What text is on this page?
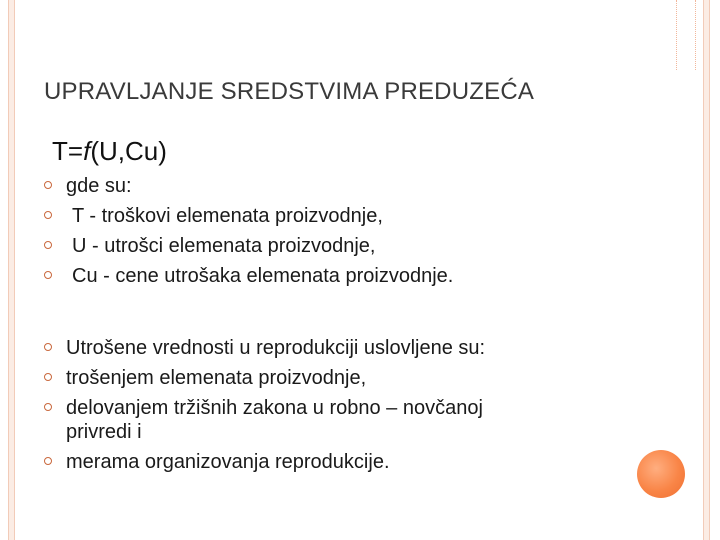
UPRAVLJANJE SREDSTVIMA PREDUZEĆA
T=f(U,Cu)
gde su:
T - troškovi elemenata proizvodnje,
U - utrošci elemenata proizvodnje,
Cu - cene utrošaka elemenata proizvodnje.
Utrošene vrednosti u reprodukciji uslovljene su:
trošenjem elemenata proizvodnje,
delovanjem tržišnih zakona u robno – novčanoj privredi i
merama organizovanja reprodukcije.
